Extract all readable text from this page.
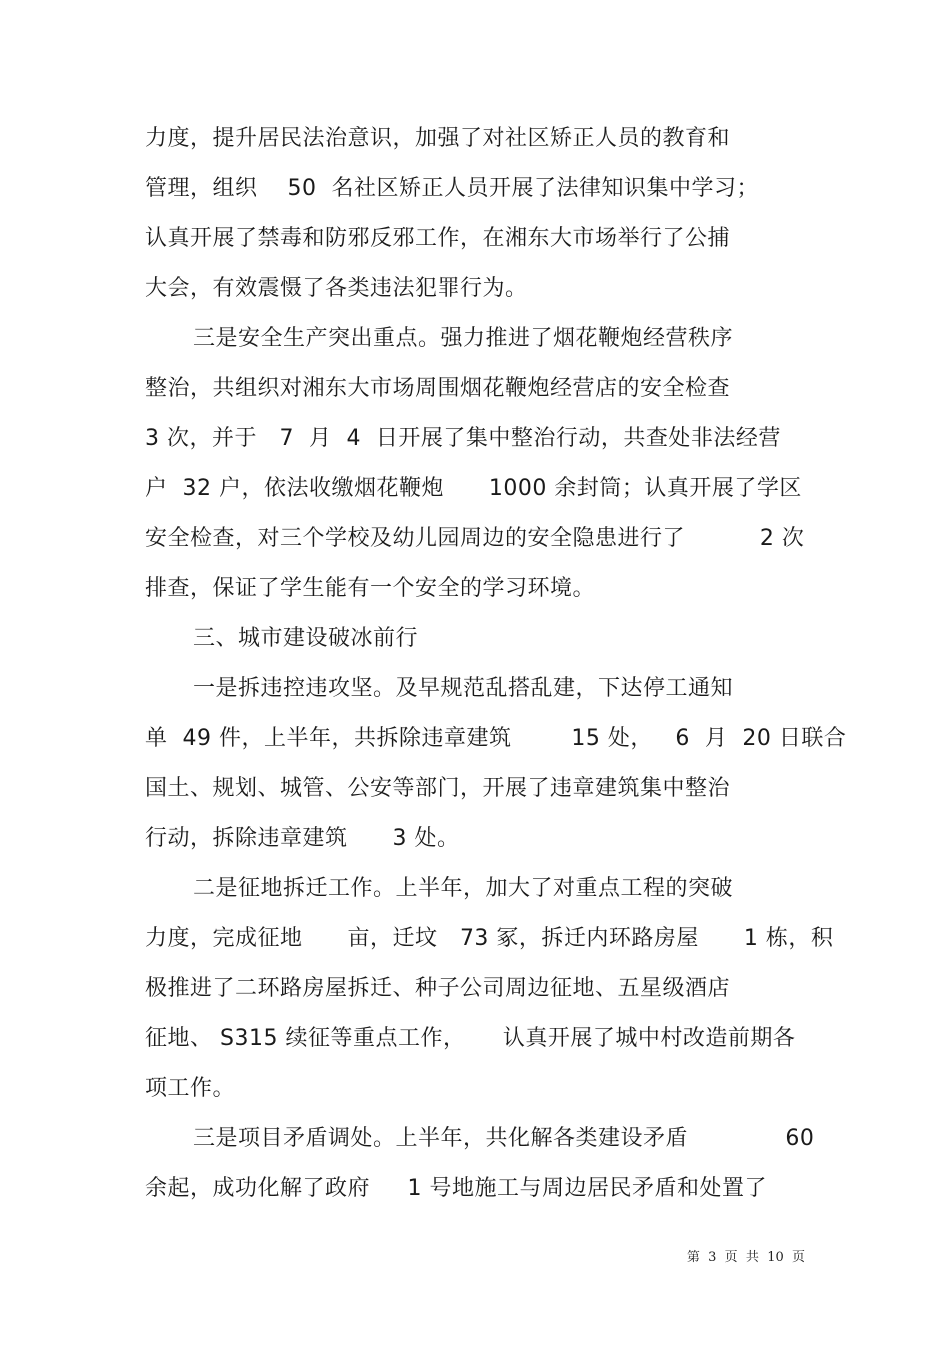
力度，提升居民法治意识，加强了对社区矫正人员的教育和
管理，组织    50  名社区矫正人员开展了法律知识集中学习；
认真开展了禁毒和防邪反邪工作，在湘东大市场举行了公捕
大会，有效震慑了各类违法犯罪行为。
三是安全生产突出重点。强力推进了烟花鞭炮经营秩序
整治，共组织对湘东大市场周围烟花鞭炮经营店的安全检查
3 次，并于   7  月  4  日开展了集中整治行动，共查处非法经营
户  32 户，依法收缴烟花鞭炮      1000 余封筒；认真开展了学区
安全检查，对三个学校及幼儿园周边的安全隐患进行了          2 次
排查，保证了学生能有一个安全的学习环境。
三、城市建设破冰前行
一是拆违控违攻坚。及早规范乱搭乱建，下达停工通知
单  49 件，上半年，共拆除违章建筑        15 处，   6  月  20 日联合
国土、规划、城管、公安等部门，开展了违章建筑集中整治
行动，拆除违章建筑      3 处。
二是征地拆迁工作。上半年，加大了对重点工程的突破
力度，完成征地      亩，迁坟   73 冢，拆迁内环路房屋      1 栋，积
极推进了二环路房屋拆迁、种子公司周边征地、五星级酒店
征地、 S315 续征等重点工作，     认真开展了城中村改造前期各
项工作。
三是项目矛盾调处。上半年，共化解各类建设矛盾             60
余起，成功化解了政府     1 号地施工与周边居民矛盾和处置了
第  3  页  共  10  页
